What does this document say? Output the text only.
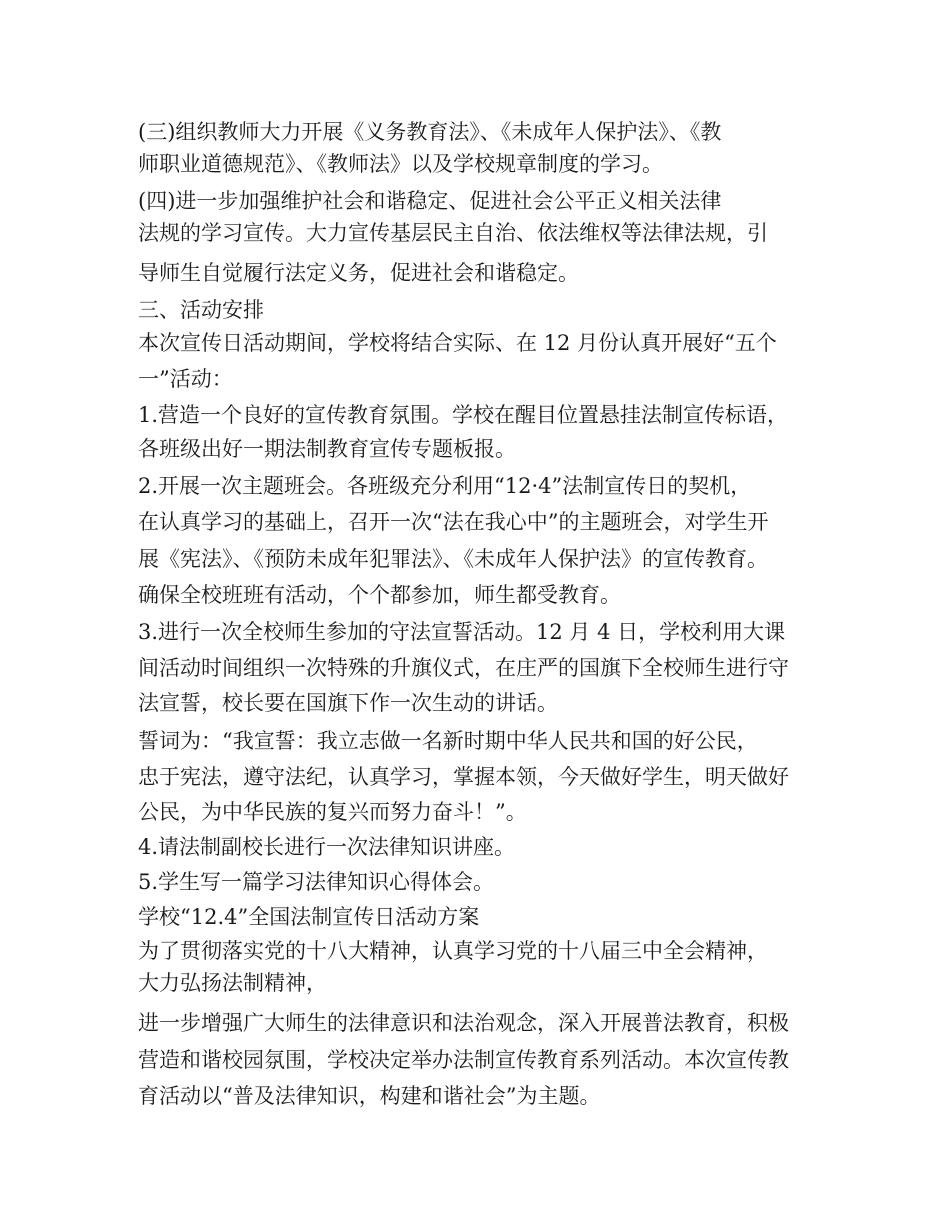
(三)组织教师大力开展《义务教育法》、《未成年人保护法》、《教
师职业道德规范》、《教师法》以及学校规章制度的学习。
(四)进一步加强维护社会和谐稳定、促进社会公平正义相关法律
法规的学习宣传。大力宣传基层民主自治、依法维权等法律法规，引
导师生自觉履行法定义务，促进社会和谐稳定。
三、活动安排
本次宣传日活动期间，学校将结合实际、在 12 月份认真开展好“五个
一”活动：
1.营造一个良好的宣传教育氛围。学校在醒目位置悬挂法制宣传标语，
各班级出好一期法制教育宣传专题板报。
2.开展一次主题班会。各班级充分利用“12·4”法制宣传日的契机，
在认真学习的基础上，召开一次“法在我心中”的主题班会，对学生开
展《宪法》、《预防未成年犯罪法》、《未成年人保护法》的宣传教育。
确保全校班班有活动，个个都参加，师生都受教育。
3.进行一次全校师生参加的守法宣誓活动。12 月 4 日，学校利用大课
间活动时间组织一次特殊的升旗仪式，在庄严的国旗下全校师生进行守
法宣誓，校长要在国旗下作一次生动的讲话。
誓词为：“我宣誓：我立志做一名新时期中华人民共和国的好公民，
忠于宪法，遵守法纪，认真学习，掌握本领，今天做好学生，明天做好
公民，为中华民族的复兴而努力奋斗！”。
4.请法制副校长进行一次法律知识讲座。
5.学生写一篇学习法律知识心得体会。
学校“12.4”全国法制宣传日活动方案
为了贯彻落实党的十八大精神，认真学习党的十八届三中全会精神，
大力弘扬法制精神，
进一步增强广大师生的法律意识和法治观念，深入开展普法教育，积极
营造和谐校园氛围，学校决定举办法制宣传教育系列活动。本次宣传教
育活动以“普及法律知识，构建和谐社会”为主题。
